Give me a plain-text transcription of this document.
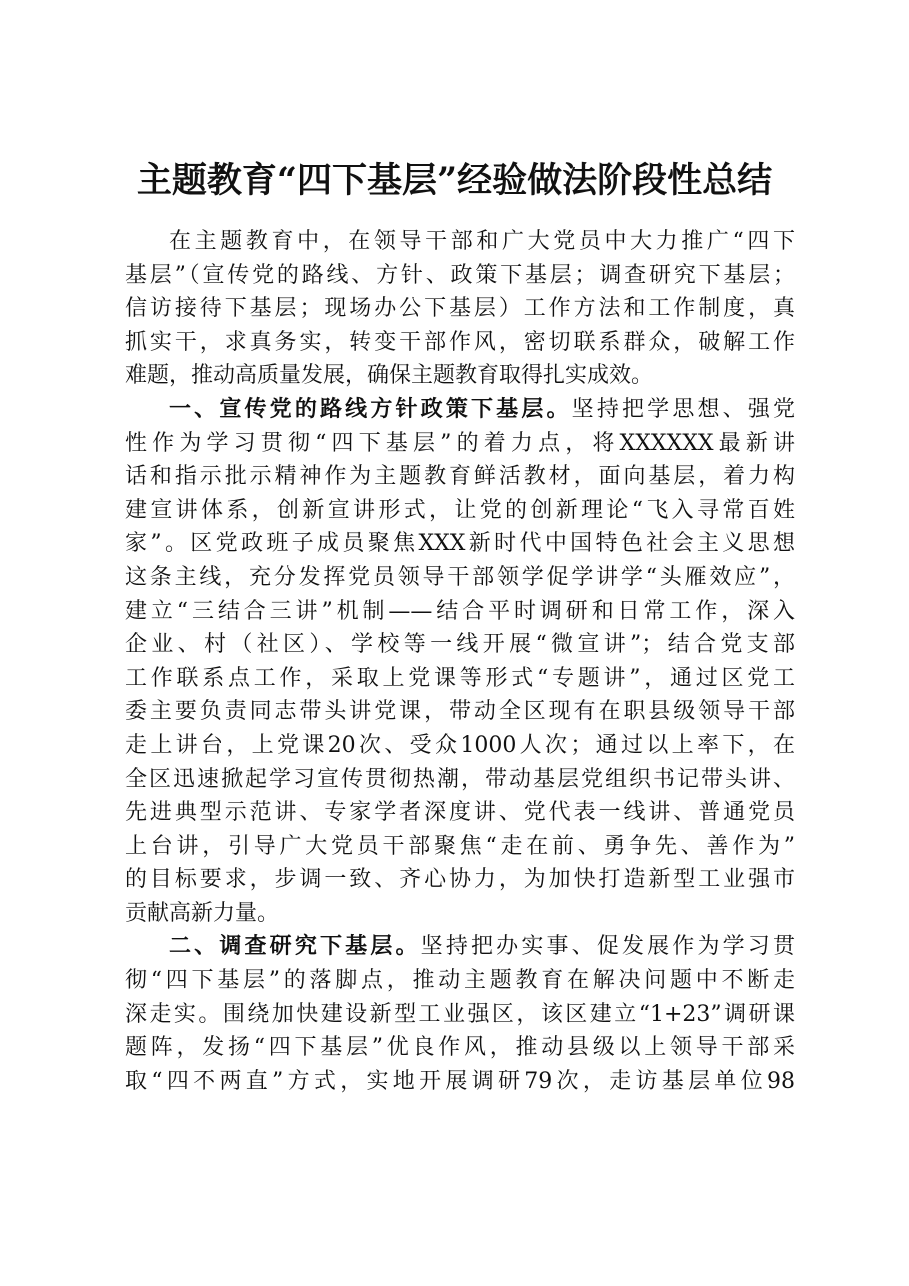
主题教育“四下基层”经验做法阶段性总结
在主题教育中，在领导干部和广大党员中大力推广“四下
基层”（宣传党的路线、方针、政策下基层；调查研究下基层；
信访接待下基层；现场办公下基层）工作方法和工作制度，真
抓实干，求真务实，转变干部作风，密切联系群众，破解工作
难题，推动高质量发展，确保主题教育取得扎实成效。
一、宣传党的路线方针政策下基层。坚持把学思想、强党
性作为学习贯彻“四下基层”的着力点，将XXXXXX最新讲
话和指示批示精神作为主题教育鲜活教材，面向基层，着力构
建宣讲体系，创新宣讲形式，让党的创新理论“飞入寻常百姓
家”。区党政班子成员聚焦XXX新时代中国特色社会主义思想
这条主线，充分发挥党员领导干部领学促学讲学“头雁效应”，
建立“三结合三讲”机制——结合平时调研和日常工作，深入
企业、村（社区）、学校等一线开展“微宣讲”；结合党支部
工作联系点工作，采取上党课等形式“专题讲”，通过区党工
委主要负责同志带头讲党课，带动全区现有在职县级领导干部
走上讲台，上党课20次、受众1000人次；通过以上率下，在
全区迅速掀起学习宣传贯彻热潮，带动基层党组织书记带头讲、
先进典型示范讲、专家学者深度讲、党代表一线讲、普通党员
上台讲，引导广大党员干部聚焦“走在前、勇争先、善作为”
的目标要求，步调一致、齐心协力，为加快打造新型工业强市
贡献高新力量。
二、调查研究下基层。坚持把办实事、促发展作为学习贯
彻“四下基层”的落脚点，推动主题教育在解决问题中不断走
深走实。围绕加快建设新型工业强区，该区建立“1+23”调研课
题阵，发扬“四下基层”优良作风，推动县级以上领导干部采
取“四不两直”方式，实地开展调研79次，走访基层单位98
